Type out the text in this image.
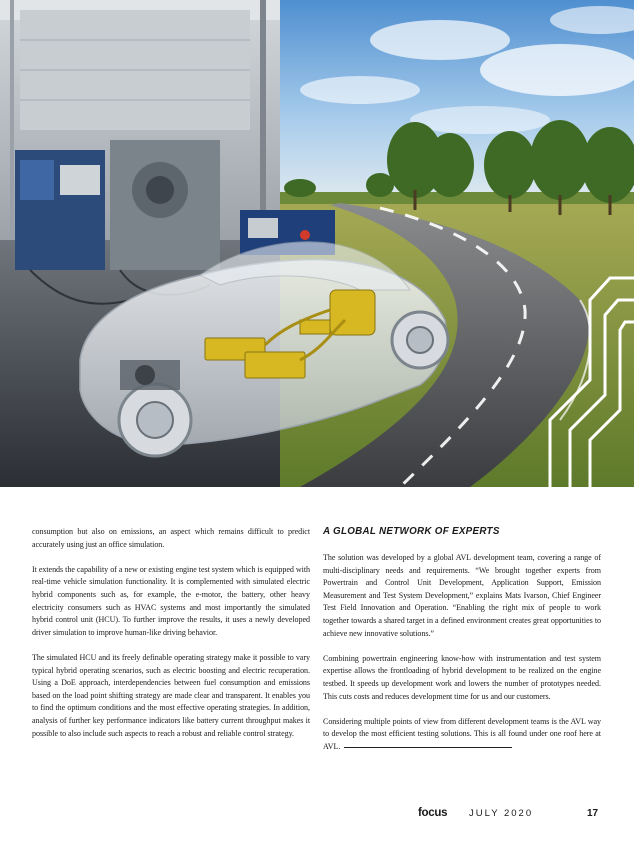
consumption but also on emissions, an aspect which remains difficult to predict accurately using just an office simulation.

It extends the capability of a new or existing engine test system which is equipped with real-time vehicle simulation functionality. It is complemented with simulated electric hybrid components such as, for example, the e-motor, the battery, other heavy electricity consumers such as HVAC systems and most importantly the simulated hybrid control unit (HCU). To further improve the results, it uses a newly developed driver simulation to improve human-like driving behavior.

The simulated HCU and its freely definable operating strategy make it possible to vary typical hybrid operating scenarios, such as electric boosting and electric recuperation. Using a DoE approach, interdependencies between fuel consumption and emissions based on the load point shifting strategy are made clear and transparent. It enables you to find the optimum conditions and the most effective operating strategies. In addition, analysis of further key performance indicators like battery current throughput makes it possible to also include such aspects to reach a robust and reliable control strategy.

A GLOBAL NETWORK OF EXPERTS

The solution was developed by a global AVL development team, covering a range of multi-disciplinary needs and requirements. “We brought together experts from Powertrain and Control Unit Development, Application Support, Emission Measurement and Test System Development,” explains Mats Ivarson, Chief Engineer Test Field Innovation and Operation. “Enabling the right mix of people to work together towards a shared target in a defined environment creates great opportunities to achieve new innovative solutions.”

Combining powertrain engineering know-how with instrumentation and test system expertise allows the frontloading of hybrid development to be realized on the engine testbed. It speeds up development work and lowers the number of prototypes needed. This cuts costs and reduces development time for us and our customers.

Considering multiple points of view from different development teams is the AVL way to develop the most efficient testing solutions. This is all found under one roof here at AVL.

focus JULY 2020	17
